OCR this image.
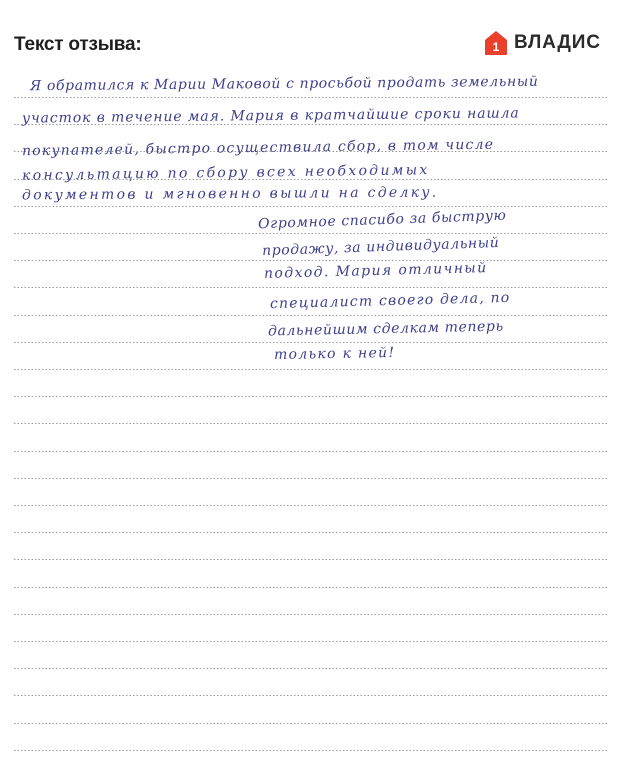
Текст отзыва:	1 ВЛАДИС
Я обратился к Марии Маковой с просьбой продать земельный
участок в течение мая. Мария в кратчайшие сроки нашла
покупателей, быстро осуществила сбор, в том числе
консультацию по сбору всех необходимых
документов и мгновенно вышли на сделку.
Огромное спасибо за быструю
продажу, за индивидуальный
подход. Мария отличный
специалист своего дела, по
дальнейшим сделкам теперь
только к ней!
